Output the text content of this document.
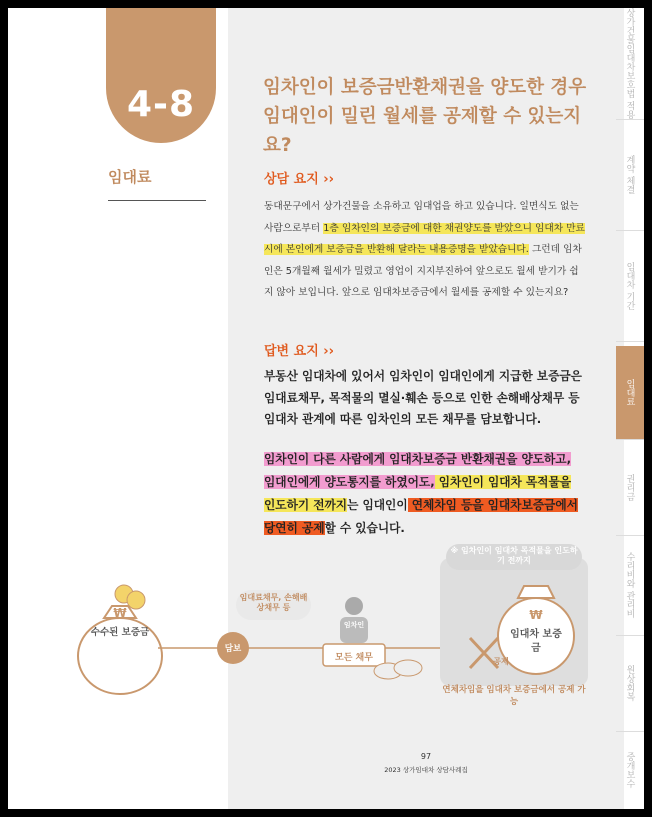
4-8
임대료
임차인이 보증금반환채권을 양도한 경우
임대인이 밀린 월세를 공제할 수 있는지요?
상담 요지 ››
동대문구에서 상가건물을 소유하고 임대업을 하고 있습니다. 일면식도 없는 사람으로부터 1층 임차인의 보증금에 대한 채권양도를 받았으니 임대차 만료 시에 본인에게 보증금을 반환해 달라는 내용증명을 받았습니다. 그런데 임차인은 5개월째 월세가 밀렸고 영업이 지지부진하여 앞으로도 월세 받기가 쉽지 않아 보입니다. 앞으로 임대차보증금에서 월세를 공제할 수 있는지요?
답변 요지 ››
부동산 임대차에 있어서 임차인이 임대인에게 지급한 보증금은 임대료채무, 목적물의 멸실·훼손 등으로 인한 손해배상채무 등 임대차 관계에 따른 임차인의 모든 채무를 담보합니다.
임차인이 다른 사람에게 임대차보증금 반환채권을 양도하고, 임대인에게 양도통지를 하였어도, 임차인이 임대차 목적물을 인도하기 전까지는 임대인이 연체차임 등을 임대차보증금에서 당연히 공제할 수 있습니다.
수수된 보증금
₩
임대료채무, 손해배상채무 등
담보
임차인
모든 채무
※ 임차인이 임대차 목적물을 인도하기 전까지
₩
임대차 보증금
공제
연체차임을 임대차 보증금에서 공제 가능
97
2023 상가임대차 상담사례집
상가건물임대차보호법 적용
계약 체결
임대차 기간
임대료
권리금
수리비와 관리비
원상회복
중개보수
